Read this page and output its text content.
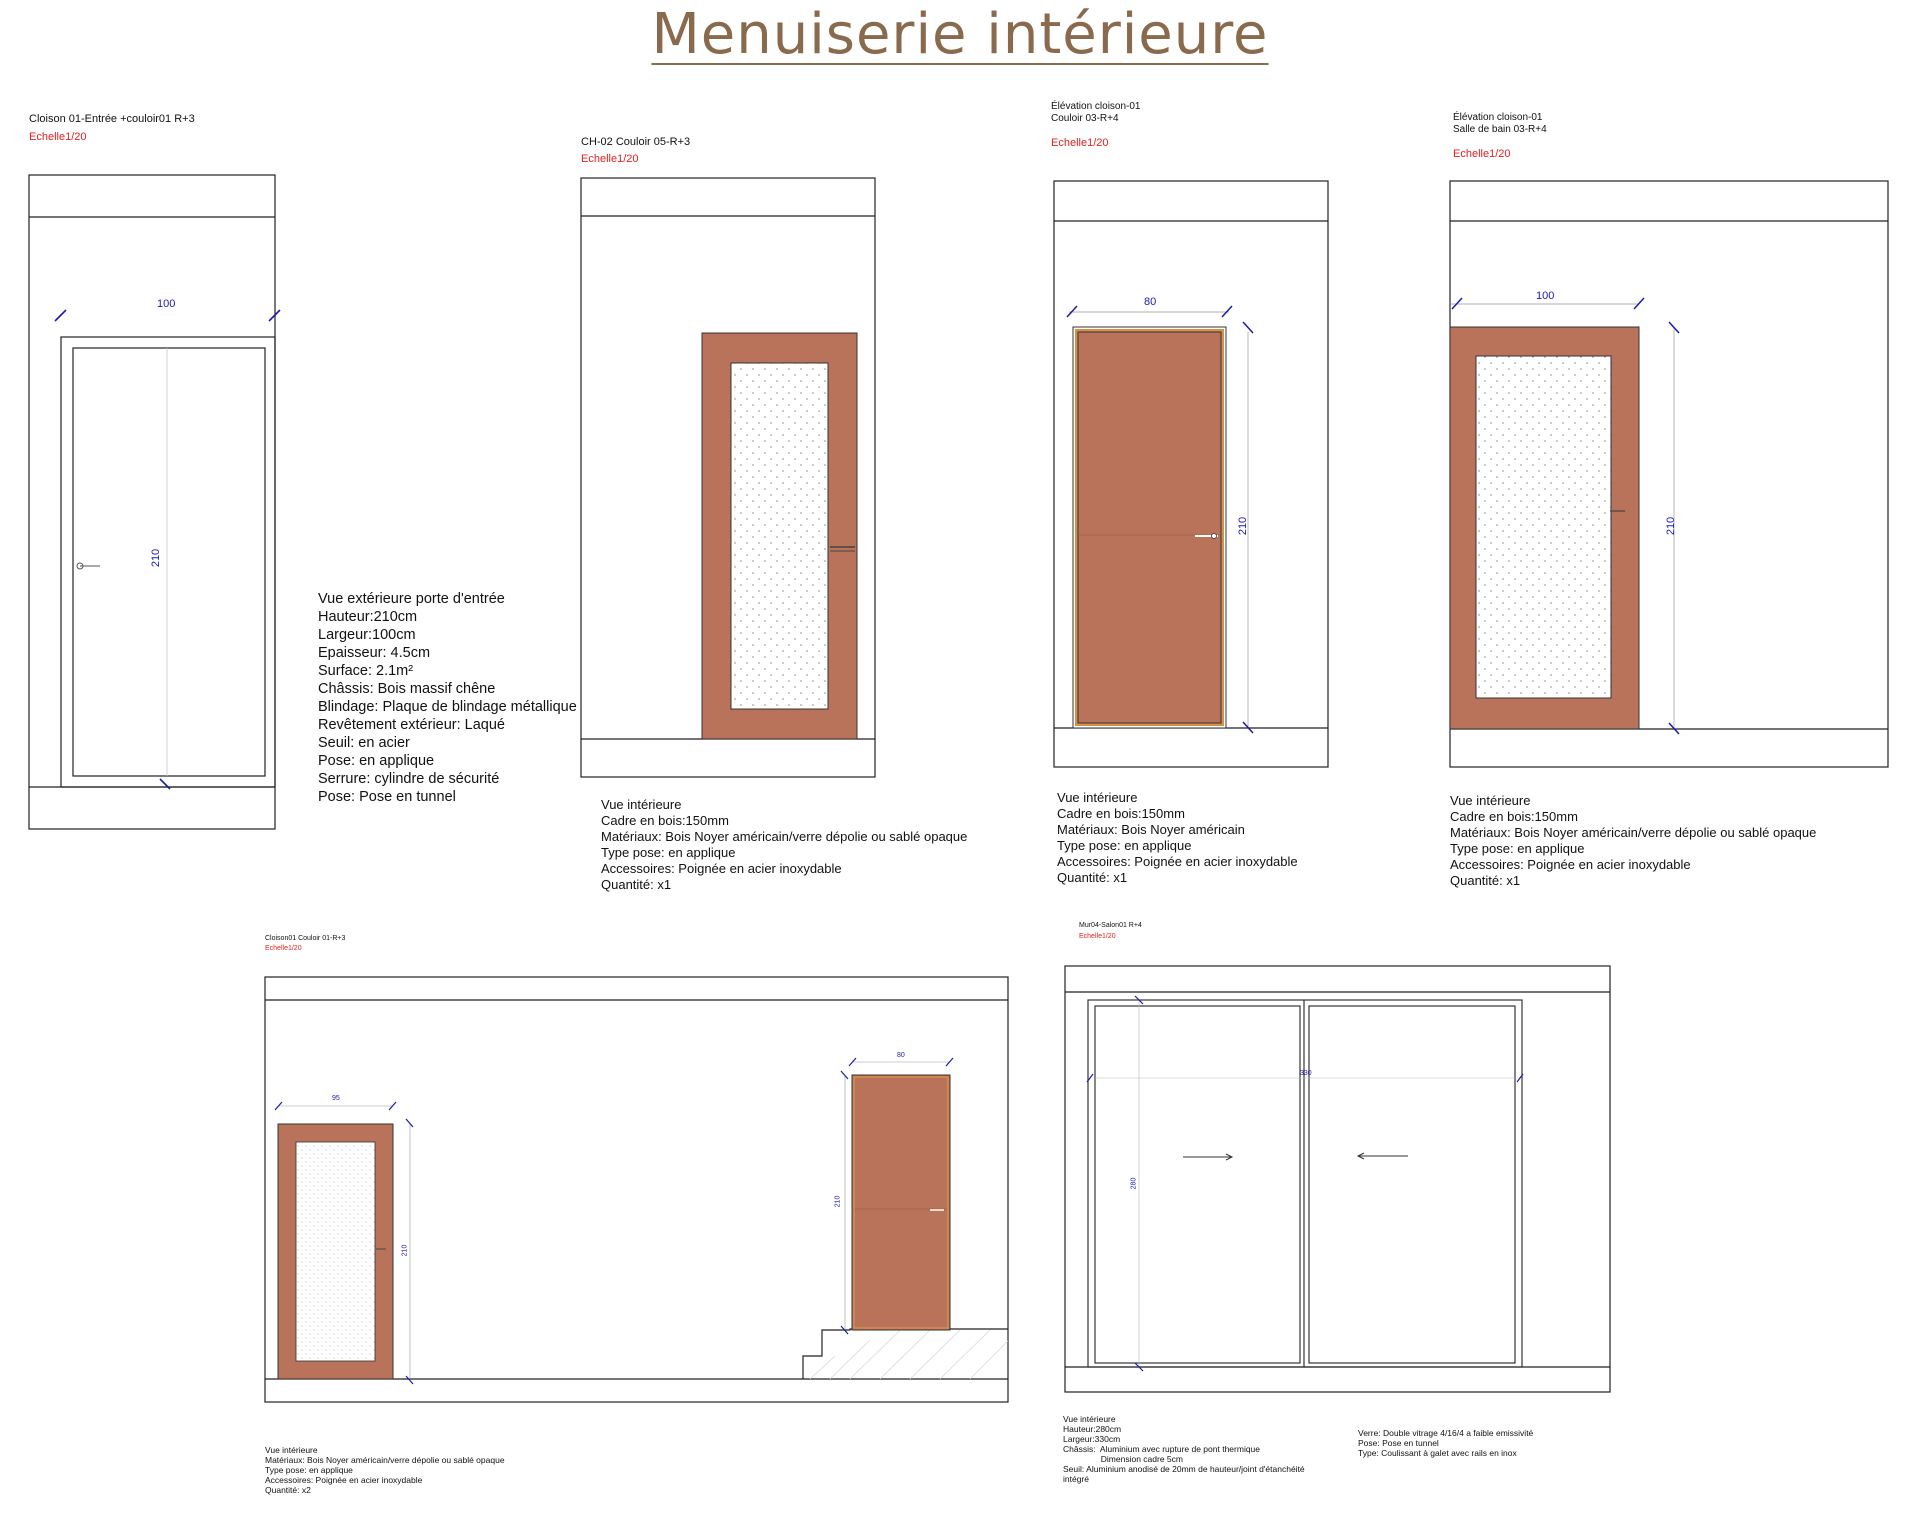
Menuiserie intérieure
Cloison 01-Entrée +couloir01 R+3
Echelle1/20
100
210
Vue extérieure porte d'entrée
Hauteur:210cm
Largeur:100cm
Epaisseur: 4.5cm
Surface: 2.1m²
Châssis: Bois massif chêne
Blindage: Plaque de blindage métallique
Revêtement extérieur: Laqué
Seuil: en acier
Pose: en applique
Serrure: cylindre de sécurité
Pose: Pose en tunnel
CH-02 Couloir 05-R+3
Echelle1/20
Vue intérieure
Cadre en bois:150mm
Matériaux: Bois Noyer américain/verre dépolie ou sablé opaque
Type pose: en applique
Accessoires: Poignée en acier inoxydable
Quantité: x1
Élévation cloison-01
Couloir 03-R+4
Echelle1/20
80
210
Vue intérieure
Cadre en bois:150mm
Matériaux: Bois Noyer américain
Type pose: en applique
Accessoires: Poignée en acier inoxydable
Quantité: x1
Élévation cloison-01
Salle de bain 03-R+4
Echelle1/20
100
210
Vue intérieure
Cadre en bois:150mm
Matériaux: Bois Noyer américain/verre dépolie ou sablé opaque
Type pose: en applique
Accessoires: Poignée en acier inoxydable
Quantité: x1
Cloison01 Couloir 01-R+3
Echelle1/20
95
210
80
210
Vue intérieure
Matériaux: Bois Noyer américain/verre dépolie ou sablé opaque
Type pose: en applique
Accessoires: Poignée en acier inoxydable
Quantité: x2
Mur04-Salon01 R+4
Echelle1/20
330
280
Vue intérieure
Hauteur:280cm
Largeur:330cm
Châssis:  Aluminium avec rupture de pont thermique
Dimension cadre 5cm
Seuil: Aluminium anodisé de 20mm de hauteur/joint d'étanchéité
intégré
Verre: Double vitrage 4/16/4 a faible emissivité
Pose: Pose en tunnel
Type: Coulissant à galet avec rails en inox
